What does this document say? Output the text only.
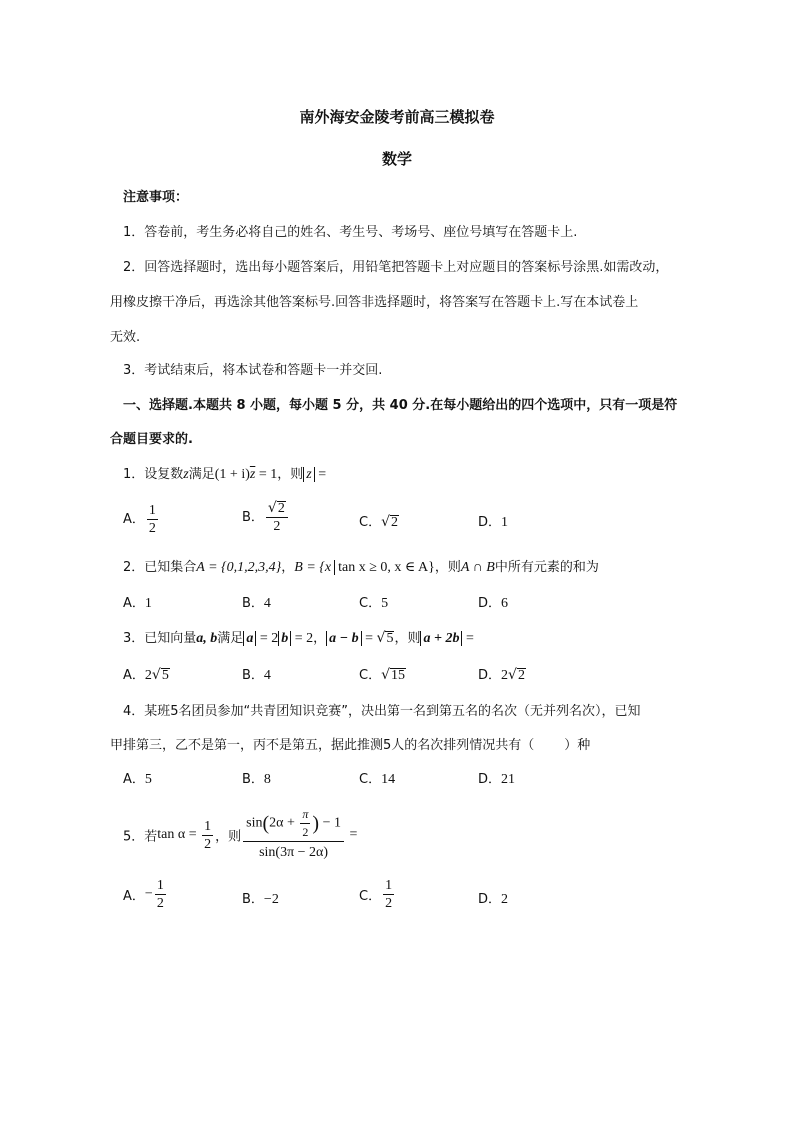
南外海安金陵考前高三模拟卷
数学
注意事项：
1．答卷前，考生务必将自己的姓名、考生号、考场号、座位号填写在答题卡上.
2．回答选择题时，选出每小题答案后，用铅笔把答题卡上对应题目的答案标号涂黑.如需改动，
用橡皮擦干净后，再选涂其他答案标号.回答非选择题时，将答案写在答题卡上.写在本试卷上
无效.
3．考试结束后，将本试卷和答题卡一并交回.
一、选择题.本题共 8 小题，每小题 5 分，共 40 分.在每小题给出的四个选项中，只有一项是符
合题目要求的.
1．设复数z满足$(1 + i)\overline{z} = 1$，则 z =
A． $\frac{1}{2}$	B． $\frac{√2}{2}$	C．√2	D．1
2．已知集合A = {0,1,2,3,4}，B = {x tan x ≥ 0, x ∈ A}，则A ∩ B中所有元素的和为
A．1	B．4	C．5	D．6
3．已知向量a, b满足 a = 2 b = 2， a − b = √5，则 a + 2b =
A．2√5	B．4	C．√15	D．2√2
4．某班5名团员参加“共青团知识竞赛”，决出第一名到第五名的名次（无并列名次），已知
甲排第三，乙不是第一，丙不是第五，据此推测5人的名次排列情况共有（ ）种
A．5	B．8	C．14	D．21
5．若$\tan \alpha = \frac{1}{2}$ ，则 $\frac{\sin(2\alpha + \frac{\pi}{2} ) - 1}{\sin(3\pi - 2\alpha)}$ =
A．− $\frac{1}{2}$	B．−2	C． $\frac{1}{2}$	D．2
